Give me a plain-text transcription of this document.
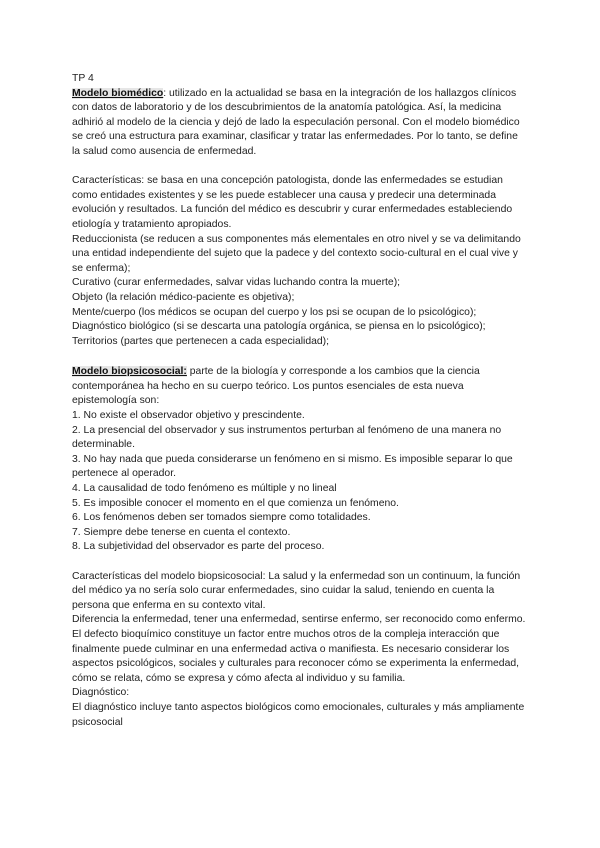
TP 4

Modelo biomédico: utilizado en la actualidad se basa en la integración de los hallazgos clínicos con datos de laboratorio y de los descubrimientos de la anatomía patológica. Así, la medicina adhirió al modelo de la ciencia y dejó de lado la especulación personal. Con el modelo biomédico se creó una estructura para examinar, clasificar y tratar las enfermedades. Por lo tanto, se define la salud como ausencia de enfermedad.

Características: se basa en una concepción patologista, donde las enfermedades se estudian como entidades existentes y se les puede establecer una causa y predecir una determinada evolución y resultados. La función del médico es descubrir y curar enfermedades estableciendo etiología y tratamiento apropiados.

Reduccionista (se reducen a sus componentes más elementales en otro nivel y se va delimitando una entidad independiente del sujeto que la padece y del contexto socio-cultural en el cual vive y se enferma);

Curativo (curar enfermedades, salvar vidas luchando contra la muerte);

Objeto (la relación médico-paciente es objetiva);

Mente/cuerpo (los médicos se ocupan del cuerpo y los psi se ocupan de lo psicológico);

Diagnóstico biológico (si se descarta una patología orgánica, se piensa en lo psicológico);

Territorios (partes que pertenecen a cada especialidad);

Modelo biopsicosocial: parte de la biología y corresponde a los cambios que la ciencia contemporánea ha hecho en su cuerpo teórico. Los puntos esenciales de esta nueva epistemología son:

1. No existe el observador objetivo y prescindente.
2. La presencial del observador y sus instrumentos perturban al fenómeno de una manera no determinable.
3. No hay nada que pueda considerarse un fenómeno en si mismo. Es imposible separar lo que pertenece al operador.
4. La causalidad de todo fenómeno es múltiple y no lineal
5. Es imposible conocer el momento en el que comienza un fenómeno.
6. Los fenómenos deben ser tomados siempre como totalidades.
7. Siempre debe tenerse en cuenta el contexto.
8. La subjetividad del observador es parte del proceso.

Características del modelo biopsicosocial: La salud y la enfermedad son un continuum, la función del médico ya no sería solo curar enfermedades, sino cuidar la salud, teniendo en cuenta la persona que enferma en su contexto vital.

Diferencia la enfermedad, tener una enfermedad, sentirse enfermo, ser reconocido como enfermo.

El defecto bioquímico constituye un factor entre muchos otros de la compleja interacción que finalmente puede culminar en una enfermedad activa o manifiesta. Es necesario considerar los aspectos psicológicos, sociales y culturales para reconocer cómo se experimenta la enfermedad, cómo se relata, cómo se expresa y cómo afecta al individuo y su familia.

Diagnóstico:

El diagnóstico incluye tanto aspectos biológicos como emocionales, culturales y más ampliamente psicosocial
